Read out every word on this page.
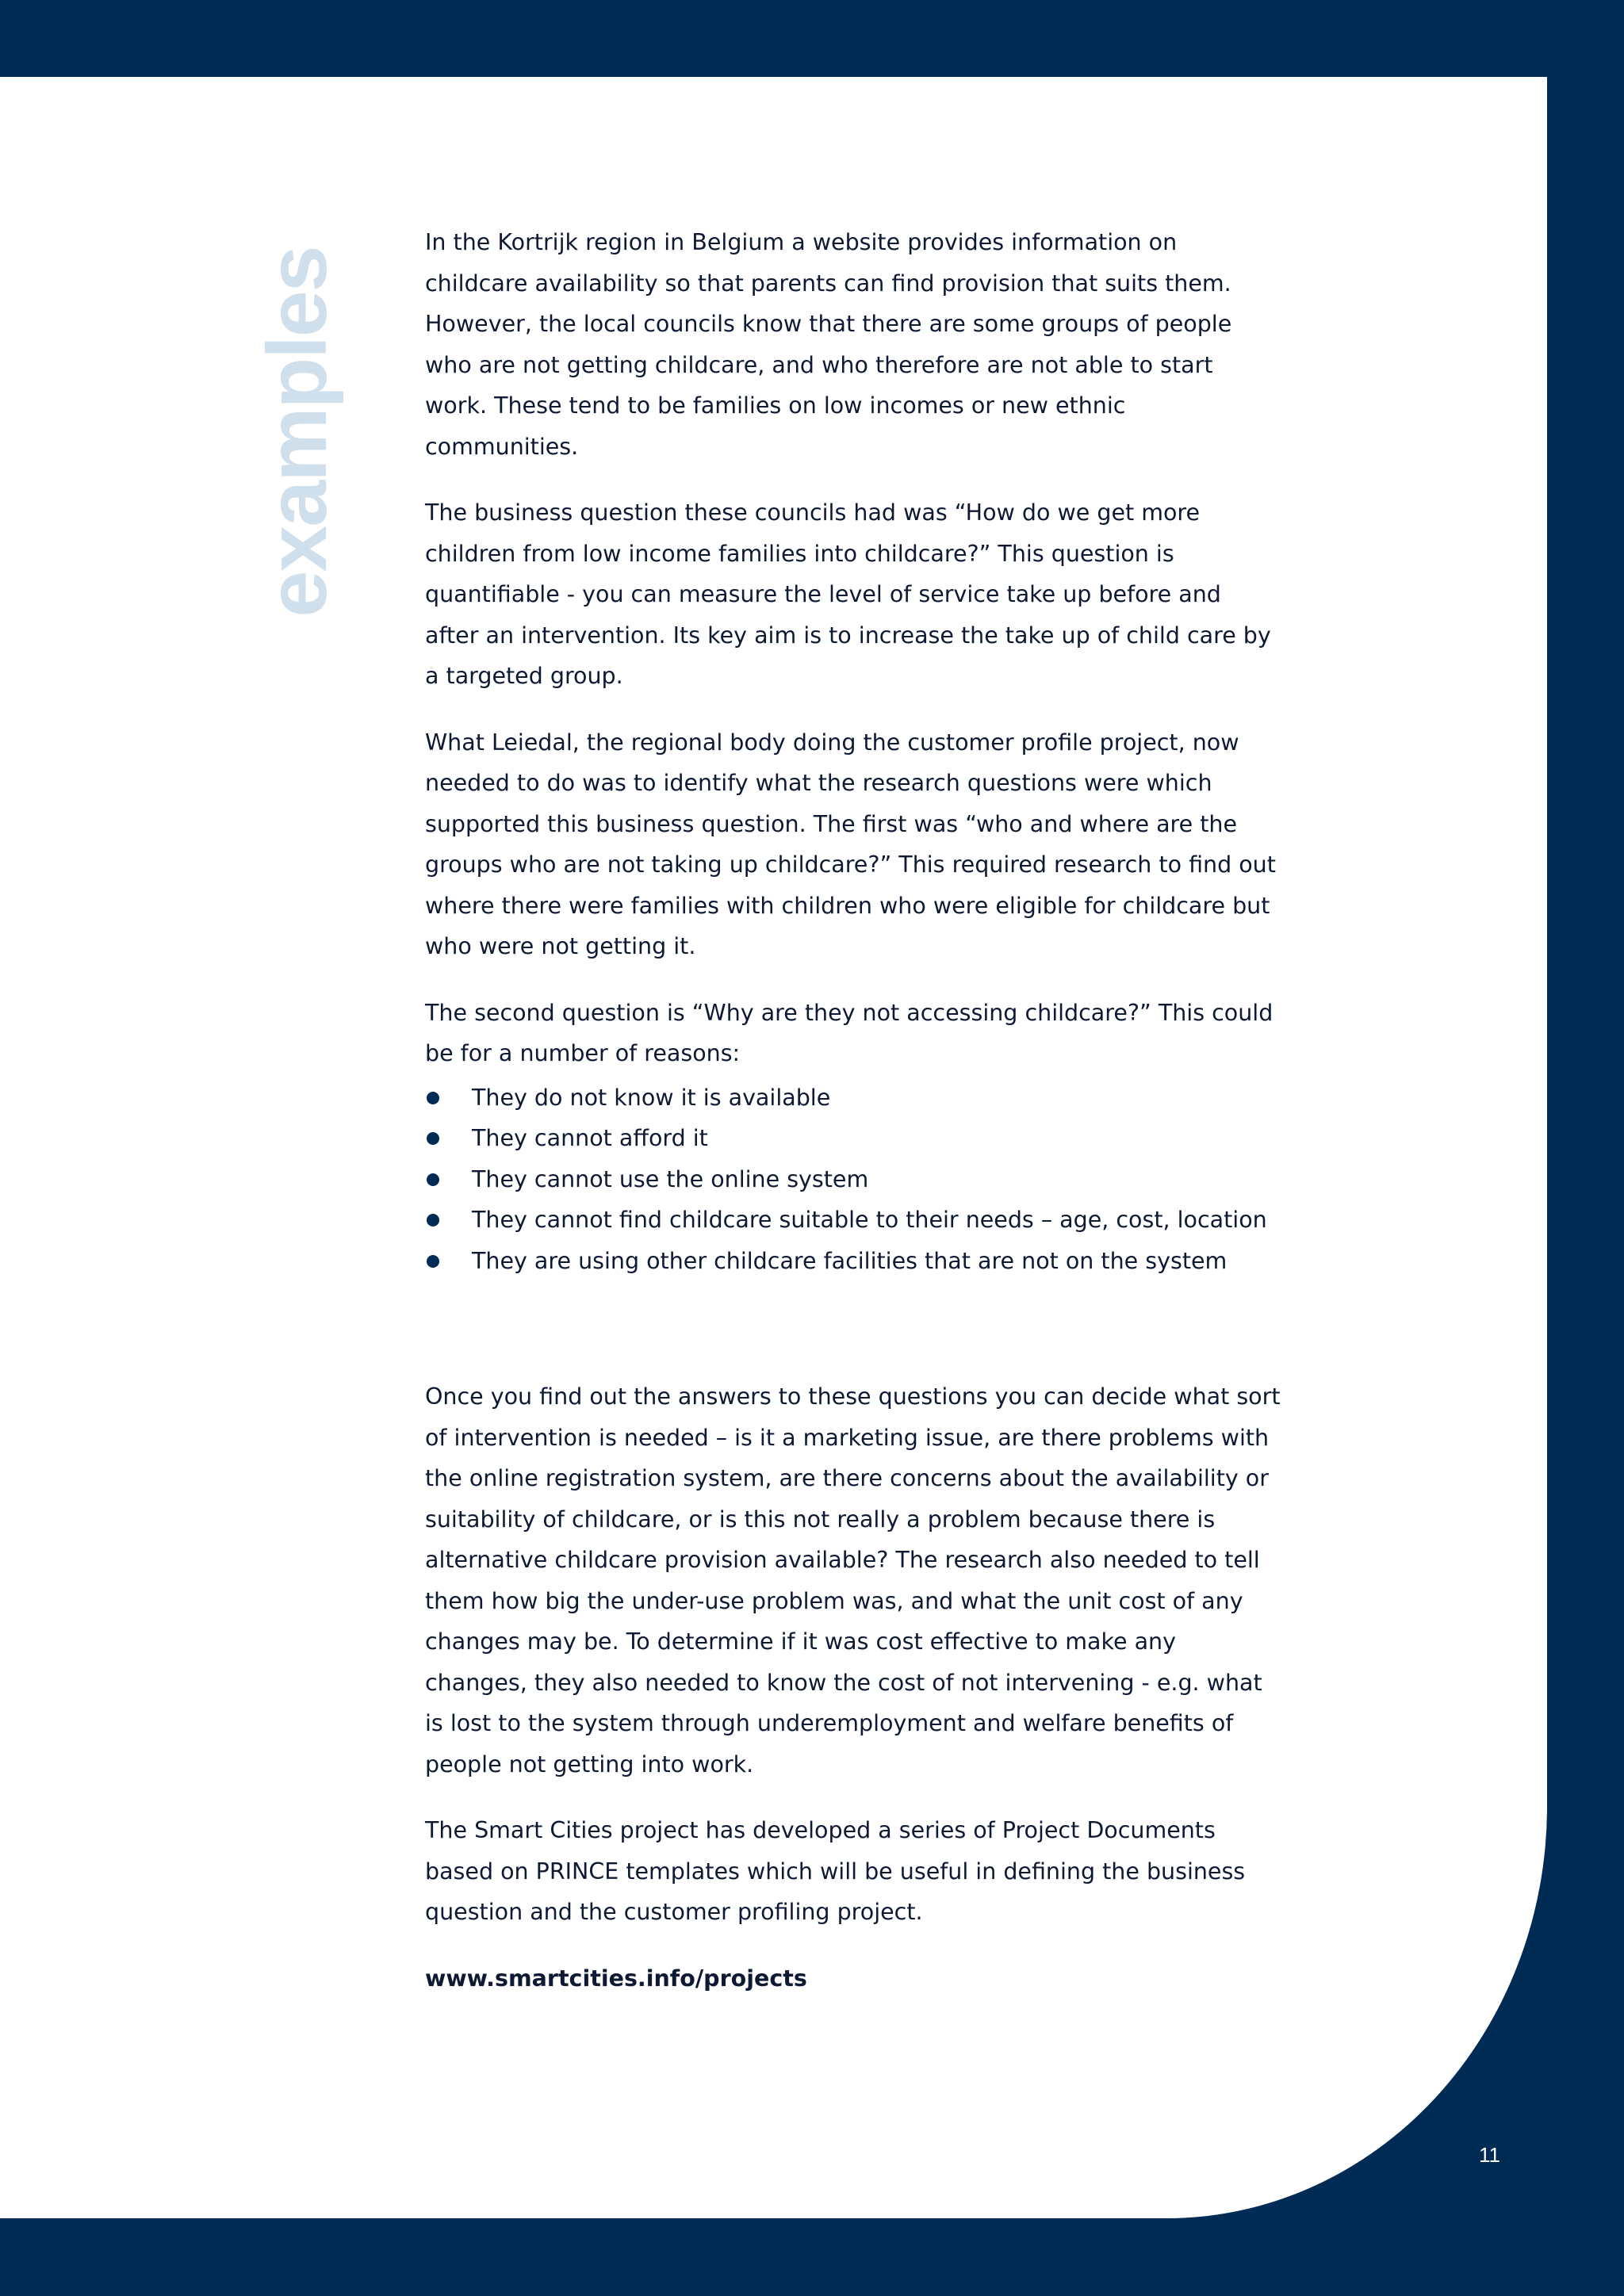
examples

In the Kortrijk region in Belgium a website provides information on childcare availability so that parents can find provision that suits them. However, the local councils know that there are some groups of people who are not getting childcare, and who therefore are not able to start work. These tend to be families on low incomes or new ethnic communities.

The business question these councils had was “How do we get more children from low income families into childcare?” This question is quantifiable - you can measure the level of service take up before and after an intervention. Its key aim is to increase the take up of child care by a targeted group.

What Leiedal, the regional body doing the customer profile project, now needed to do was to identify what the research questions were which supported this business question. The first was “who and where are the groups who are not taking up childcare?” This required research to find out where there were families with children who were eligible for childcare but who were not getting it.

The second question is “Why are they not accessing childcare?” This could be for a number of reasons:

They do not know it is available
They cannot afford it
They cannot use the online system
They cannot find childcare suitable to their needs – age, cost, location
They are using other childcare facilities that are not on the system

Once you find out the answers to these questions you can decide what sort of intervention is needed – is it a marketing issue, are there problems with the online registration system, are there concerns about the availability or suitability of childcare, or is this not really a problem because there is alternative childcare provision available? The research also needed to tell them how big the under-use problem was, and what the unit cost of any changes may be. To determine if it was cost effective to make any changes, they also needed to know the cost of not intervening - e.g. what is lost to the system through underemployment and welfare benefits of people not getting into work.

The Smart Cities project has developed a series of Project Documents based on PRINCE templates which will be useful in defining the business question and the customer profiling project.

www.smartcities.info/projects

11
